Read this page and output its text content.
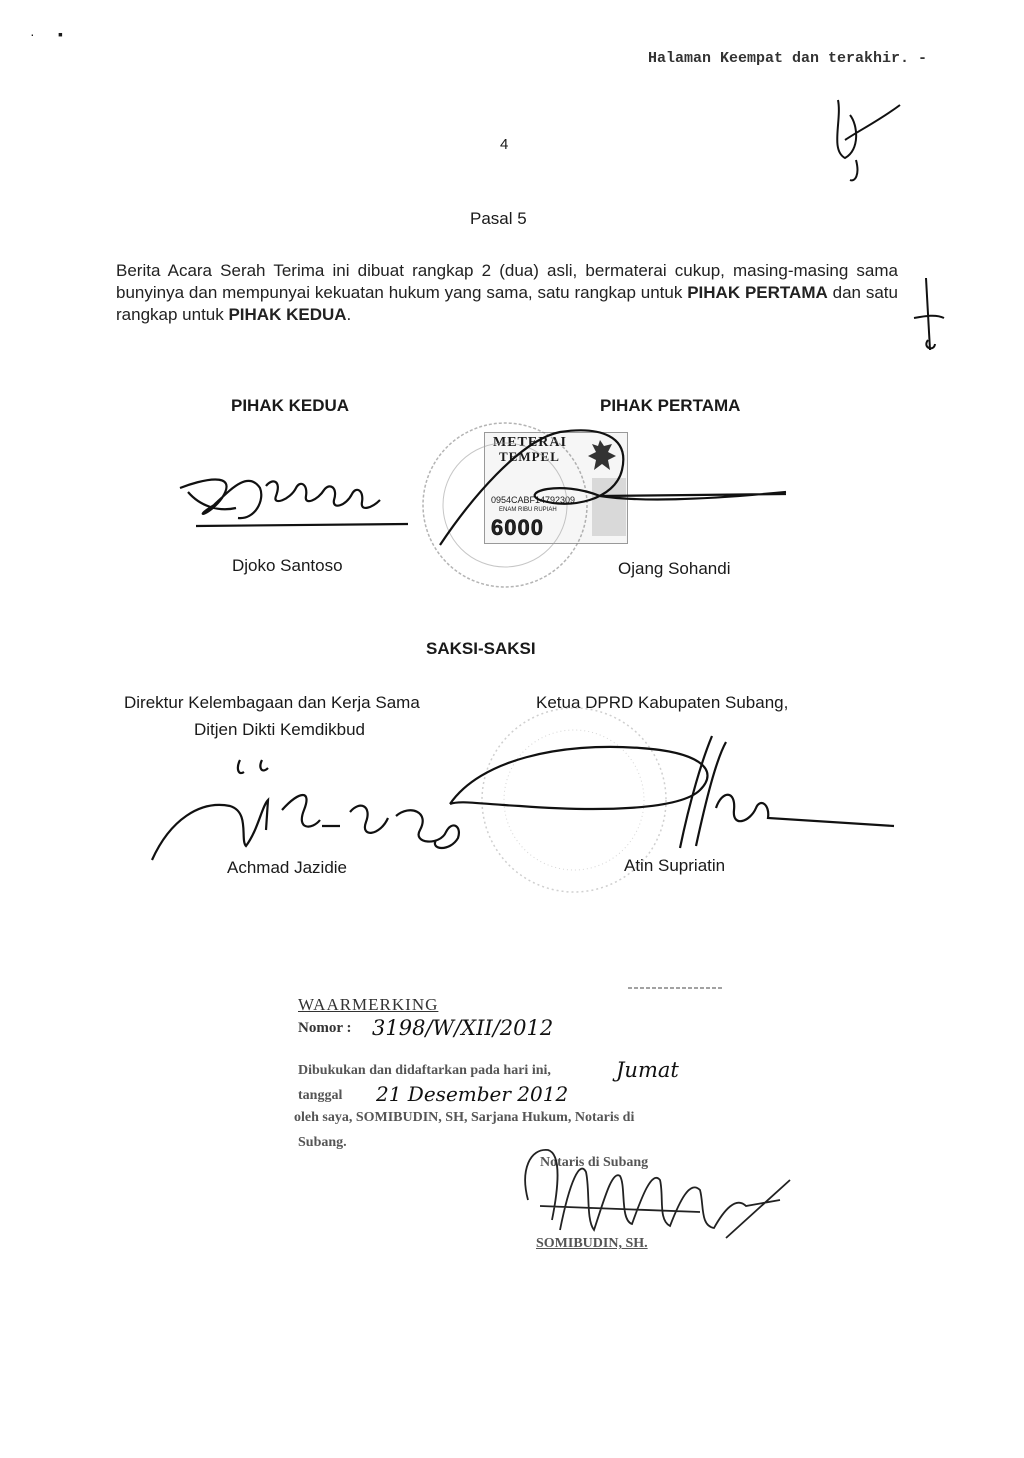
·      ▪
Halaman Keempat dan terakhir. -
4
Pasal 5
Berita Acara Serah Terima ini dibuat rangkap 2 (dua) asli, bermaterai cukup, masing-masing sama bunyinya dan mempunyai kekuatan hukum yang sama, satu rangkap untuk PIHAK PERTAMA dan satu rangkap untuk PIHAK KEDUA.
PIHAK KEDUA	PIHAK PERTAMA
Djoko Santoso	Ojang Sohandi
METERAI
TEMPEL
0954CABF14792309
ENAM RIBU RUPIAH
6000
SAKSI-SAKSI
Direktur Kelembagaan dan Kerja Sama
Ditjen Dikti Kemdikbud
Ketua DPRD Kabupaten Subang,
Achmad Jazidie	Atin Supriatin
WAARMERKING
Nomor : 3198/W/XII/2012
Dibukukan dan didaftarkan pada hari ini,	Jumat
tanggal 21 Desember 2012
oleh saya, SOMIBUDIN, SH, Sarjana Hukum, Notaris di
Subang.
Notaris di Subang
SOMIBUDIN, SH.
